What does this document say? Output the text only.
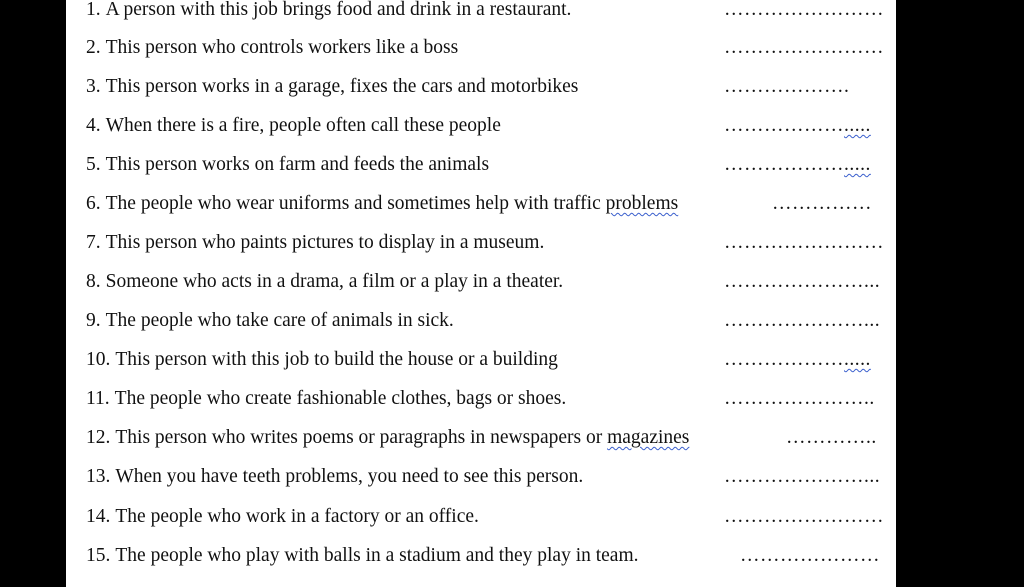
1. A person with this job brings food and drink in a restaurant.	……………………
2. This person who controls workers like a boss	……………………
3. This person works in a garage, fixes the cars and motorbikes	……………….
4. When there is a fire, people often call these people	……………….....
5. This person works on farm and feeds the animals	……………….....
6. The people who wear uniforms and sometimes help with traffic problems	……………
7. This person who paints pictures to display in a museum.	……………………
8. Someone who acts in a drama, a film or a play in a theater.	…………………...
9. The people who take care of animals in sick.	…………………...
10. This person with this job to build the house or a building	……………….....
11. The people who create fashionable clothes, bags or shoes.	…………………..
12. This person who writes poems or paragraphs in newspapers or magazines	…………..
13. When you have teeth problems, you need to see this person.	…………………...
14. The people who work in a factory or an office.	……………………
15. The people who play with balls in a stadium and they play in team.	…………………
